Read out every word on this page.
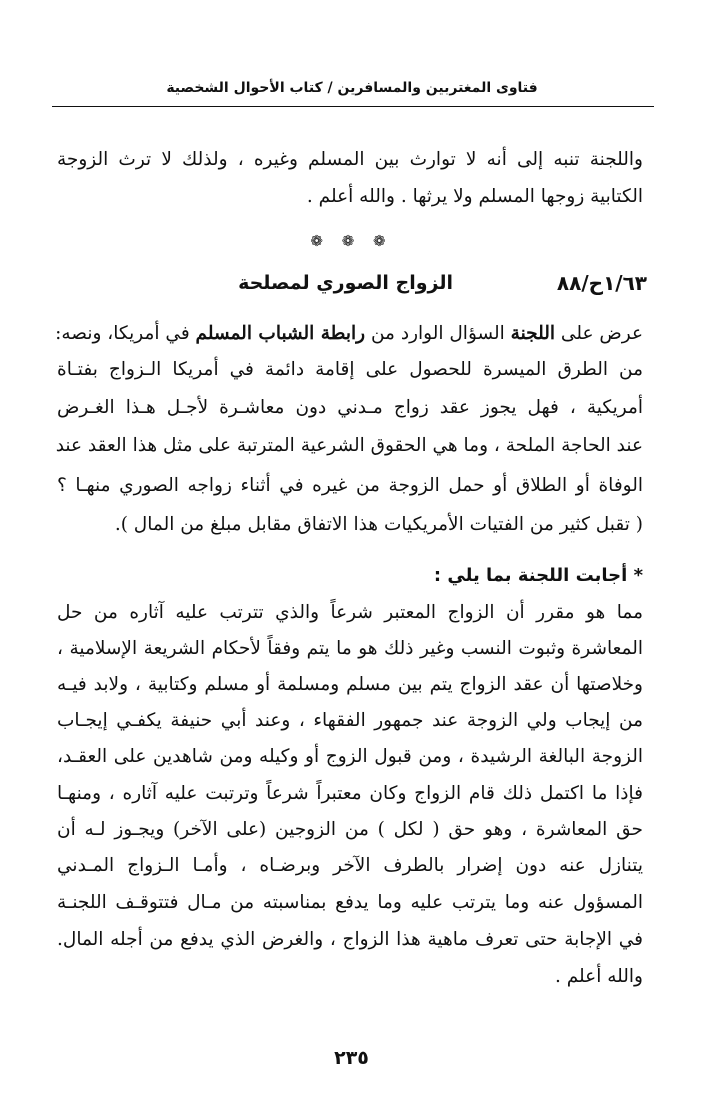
فتاوى المغتربين والمسافرين / كتاب الأحوال الشخصية
واللجنة تنبه إلى أنه لا توارث بين المسلم وغيره ، ولذلك لا ترث الزوجة
الكتابية زوجها المسلم ولا يرثها . والله أعلم .
❁ ❁ ❁
١/٦٣ح/٨٨
الزواج الصوري لمصلحة
عرض على اللجنة السؤال الوارد من رابطة الشباب المسلم في أمريكا، ونصه:
من الطرق الميسرة للحصول على إقامة دائمة في أمريكا الـزواج بفتـاة
أمريكية ، فهل يجوز عقد زواج مـدني دون معاشـرة لأجـل هـذا الغـرض
عند الحاجة الملحة ، وما هي الحقوق الشرعية المترتبة على مثل هذا العقد عند
الوفاة أو الطلاق أو حمل الزوجة من غيره في أثناء زواجه الصوري منهـا ؟
( تقبل كثير من الفتيات الأمريكيات هذا الاتفاق مقابل مبلغ من المال ).
* أجابت اللجنة بما يلي :
مما هو مقرر أن الزواج المعتبر شرعاً والذي تترتب عليه آثاره من حل
المعاشرة وثبوت النسب وغير ذلك هو ما يتم وفقاً لأحكام الشريعة الإسلامية ،
وخلاصتها أن عقد الزواج يتم بين مسلم ومسلمة أو مسلم وكتابية ، ولابد فيـه
من إيجاب ولي الزوجة عند جمهور الفقهاء ، وعند أبي حنيفة يكفـي إيجـاب
الزوجة البالغة الرشيدة ، ومن قبول الزوج أو وكيله ومن شاهدين على العقـد،
فإذا ما اكتمل ذلك قام الزواج وكان معتبراً شرعاً وترتبت عليه آثاره ، ومنهـا
حق المعاشرة ، وهو حق ( لكل ) من الزوجين (على الآخر) ويجـوز لـه أن
يتنازل عنه دون إضرار بالطرف الآخر وبرضـاه ، وأمـا الـزواج المـدني
المسؤول عنه وما يترتب عليه وما يدفع بمناسبته من مـال فتتوقـف اللجنـة
في الإجابة حتى تعرف ماهية هذا الزواج ، والغرض الذي يدفع من أجله المال.
والله أعلم .
٢٣٥
